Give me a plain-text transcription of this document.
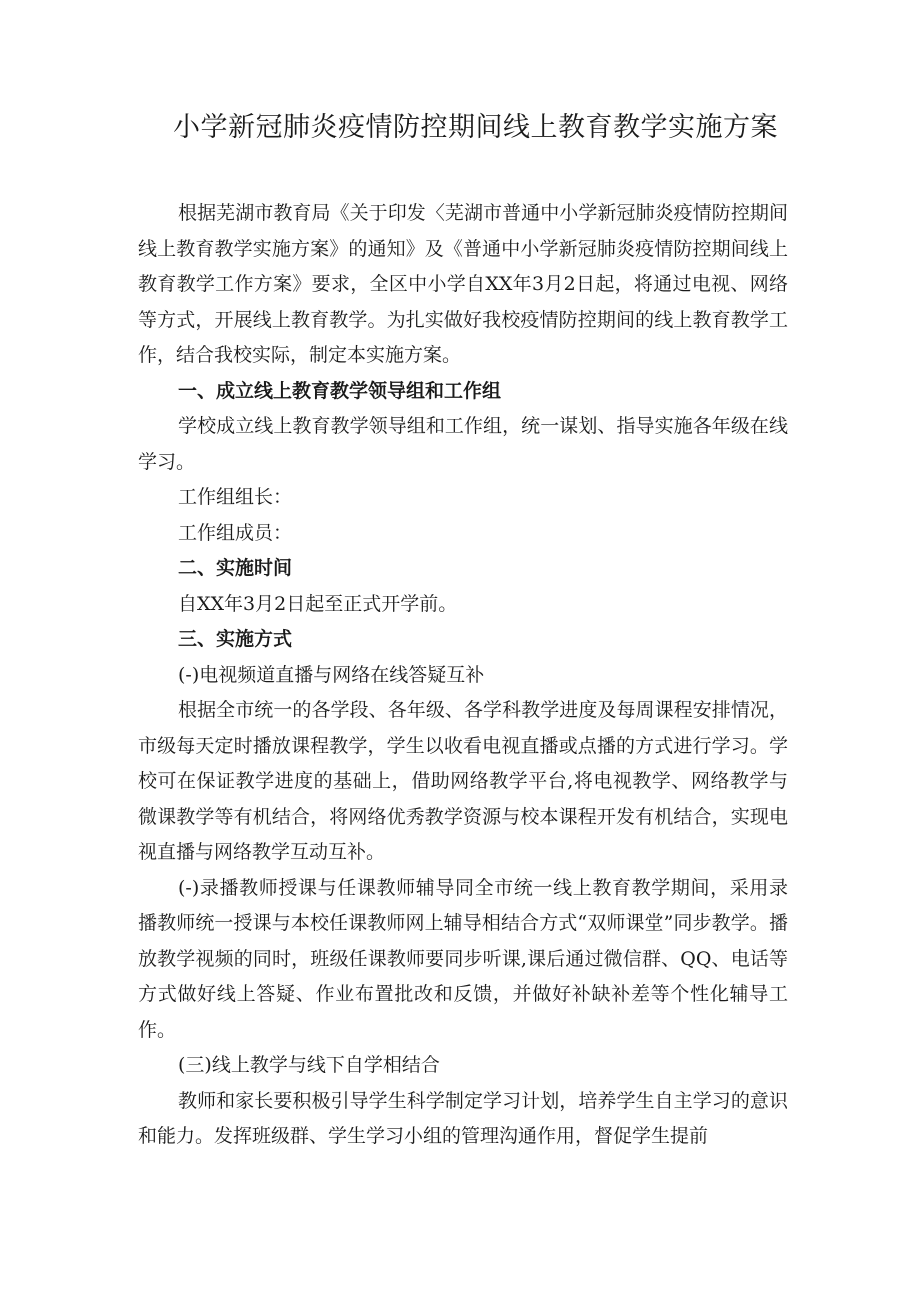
小学新冠肺炎疫情防控期间线上教育教学实施方案

根据芜湖市教育局《关于印发〈芜湖市普通中小学新冠肺炎疫情防控期间线上教育教学实施方案》的通知》及《普通中小学新冠肺炎疫情防控期间线上教育教学工作方案》要求，全区中小学自XX年3月2日起，将通过电视、网络等方式，开展线上教育教学。为扎实做好我校疫情防控期间的线上教育教学工作，结合我校实际，制定本实施方案。

一、成立线上教育教学领导组和工作组

学校成立线上教育教学领导组和工作组，统一谋划、指导实施各年级在线学习。

工作组组长：

工作组成员：

二、实施时间

自XX年3月2日起至正式开学前。

三、实施方式

(-)电视频道直播与网络在线答疑互补

根据全市统一的各学段、各年级、各学科教学进度及每周课程安排情况，市级每天定时播放课程教学，学生以收看电视直播或点播的方式进行学习。学校可在保证教学进度的基础上，借助网络教学平台,将电视教学、网络教学与微课教学等有机结合，将网络优秀教学资源与校本课程开发有机结合，实现电视直播与网络教学互动互补。

(-)录播教师授课与任课教师辅导同全市统一线上教育教学期间，采用录播教师统一授课与本校任课教师网上辅导相结合方式“双师课堂”同步教学。播放教学视频的同时，班级任课教师要同步听课,课后通过微信群、QQ、电话等方式做好线上答疑、作业布置批改和反馈，并做好补缺补差等个性化辅导工作。

(三)线上教学与线下自学相结合

教师和家长要积极引导学生科学制定学习计划，培养学生自主学习的意识和能力。发挥班级群、学生学习小组的管理沟通作用，督促学生提前
